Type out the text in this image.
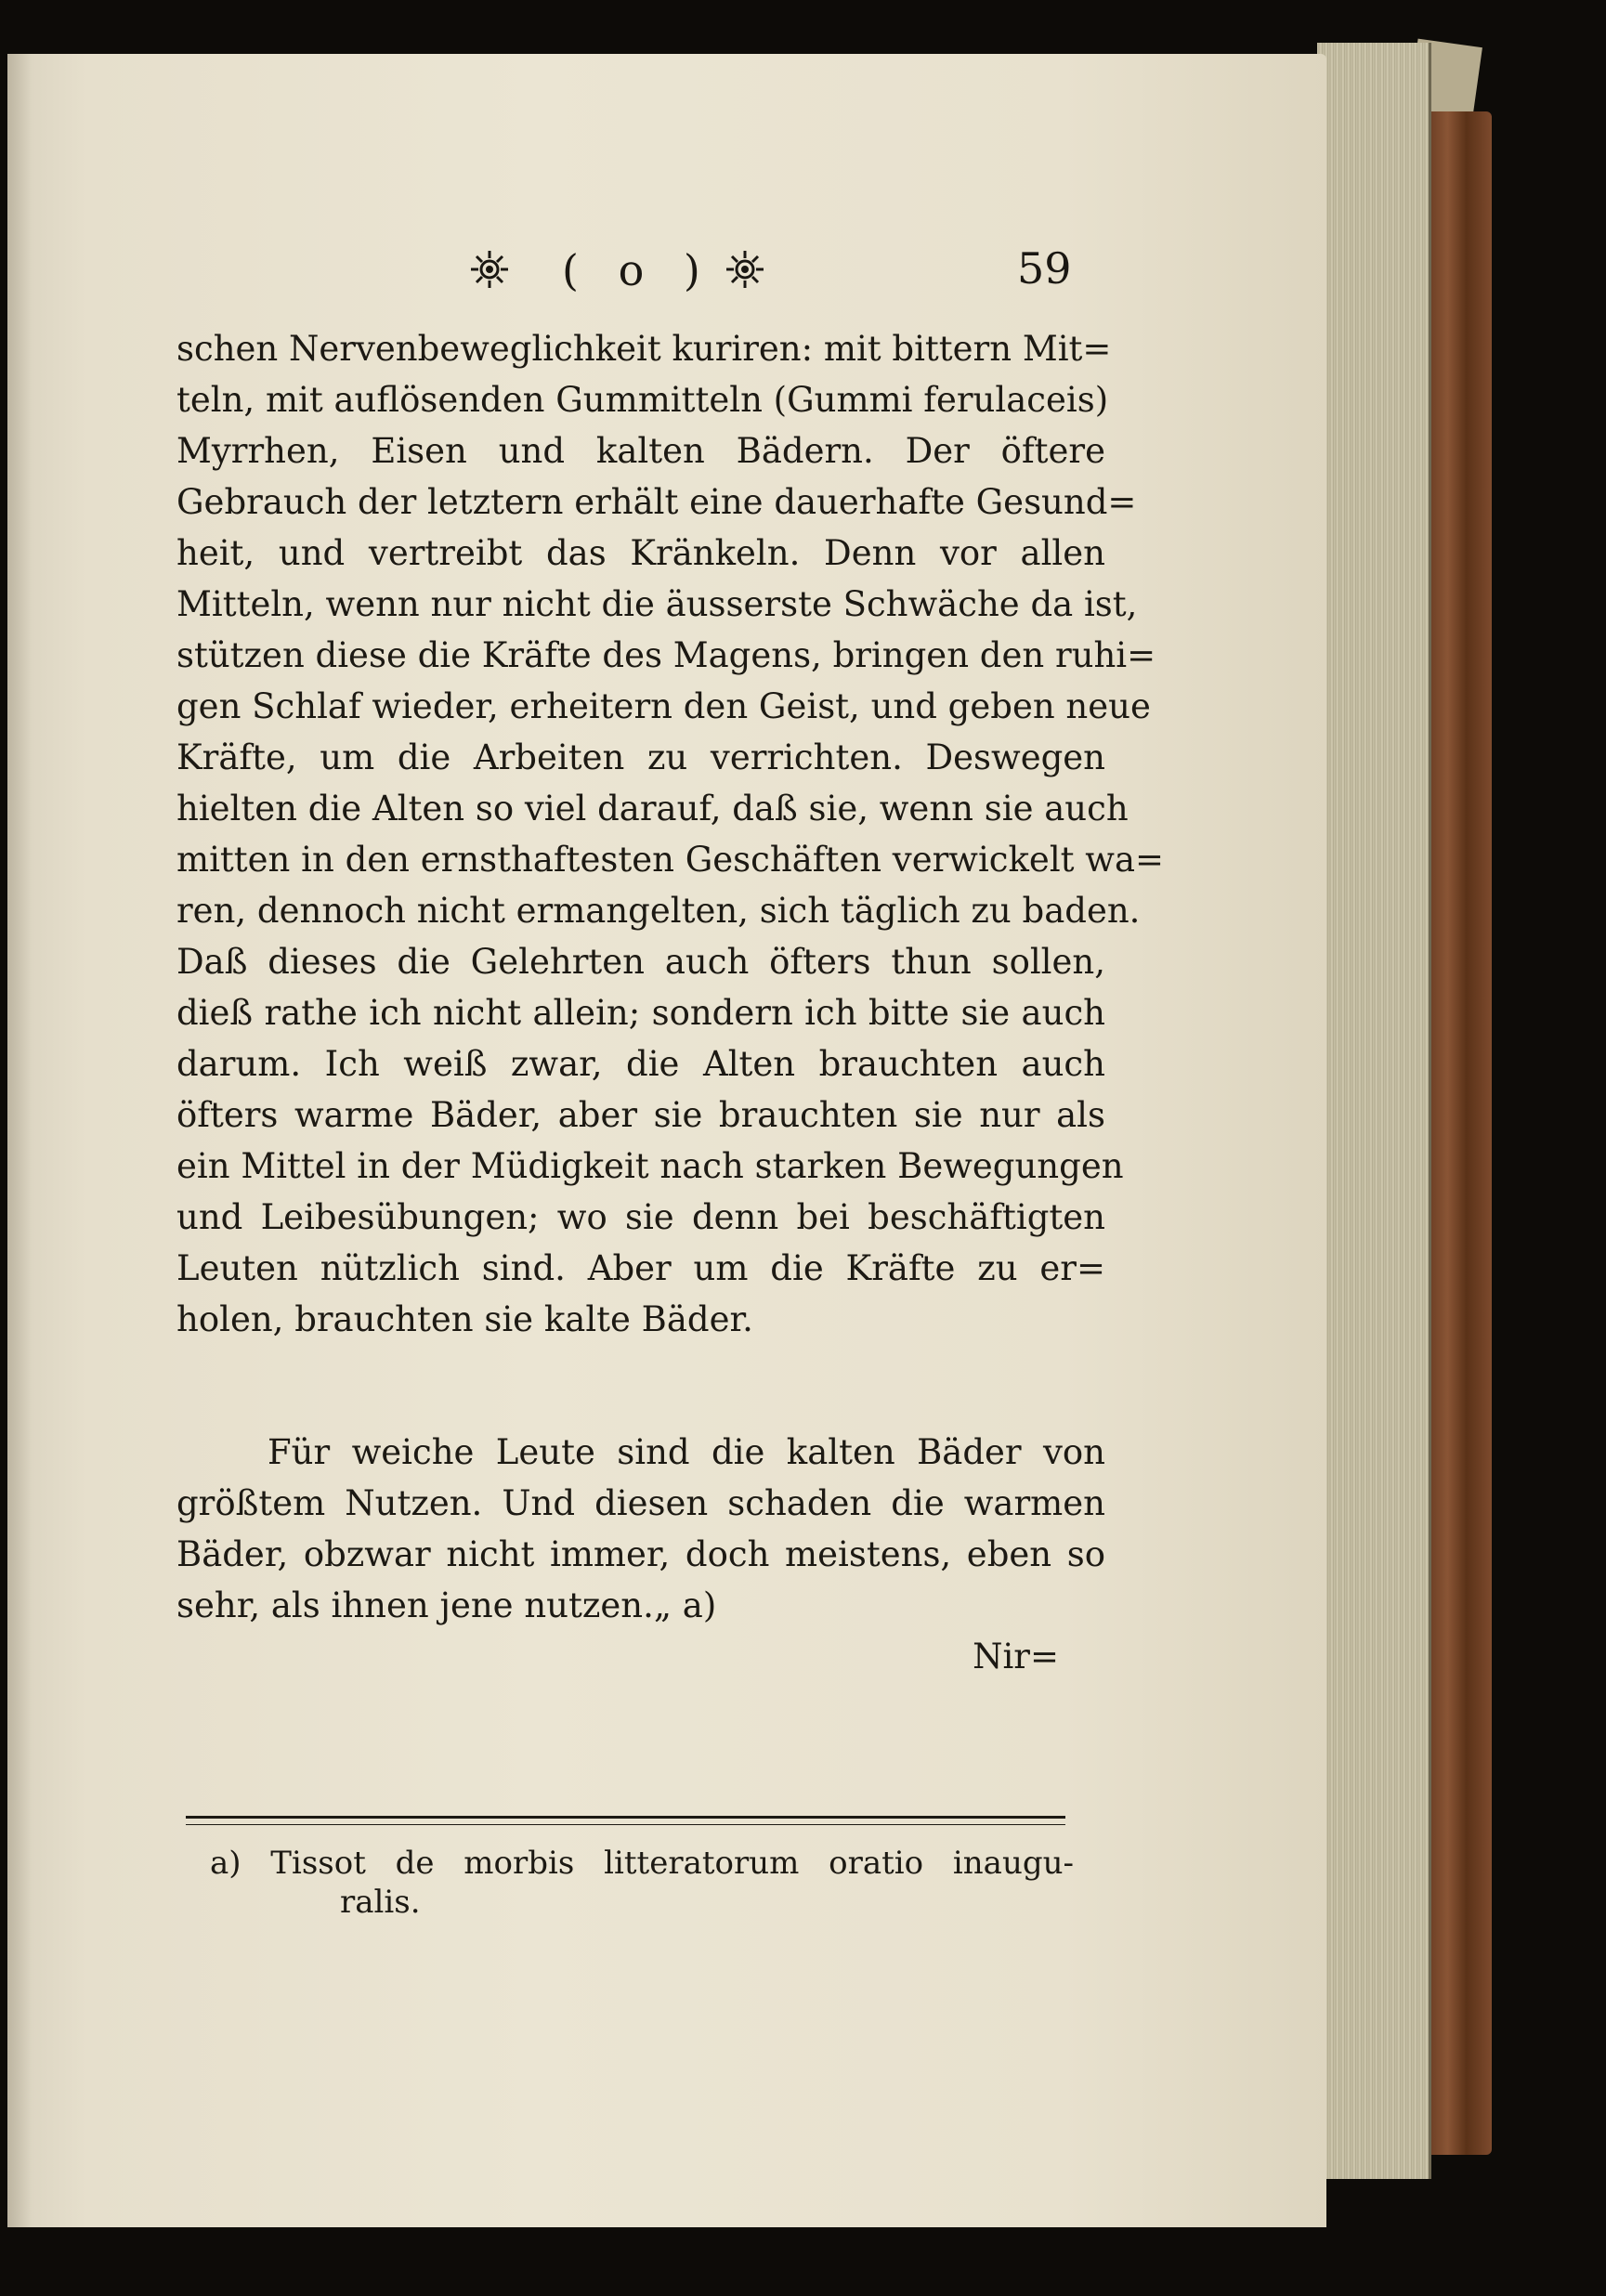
( o )	59
schen Nervenbeweglichkeit kuriren: mit bittern Mit=
teln, mit auflösenden Gummitteln (Gummi ferulaceis)
Myrrhen, Eisen und kalten Bädern. Der öftere
Gebrauch der letztern erhält eine dauerhafte Gesund=
heit, und vertreibt das Kränkeln. Denn vor allen
Mitteln, wenn nur nicht die äusserste Schwäche da ist,
stützen diese die Kräfte des Magens, bringen den ruhi=
gen Schlaf wieder, erheitern den Geist, und geben neue
Kräfte, um die Arbeiten zu verrichten. Deswegen
hielten die Alten so viel darauf, daß sie, wenn sie auch
mitten in den ernsthaftesten Geschäften verwickelt wa=
ren, dennoch nicht ermangelten, sich täglich zu baden.
Daß dieses die Gelehrten auch öfters thun sollen,
dieß rathe ich nicht allein; sondern ich bitte sie auch
darum. Ich weiß zwar, die Alten brauchten auch
öfters warme Bäder, aber sie brauchten sie nur als
ein Mittel in der Müdigkeit nach starken Bewegungen
und Leibesübungen; wo sie denn bei beschäftigten
Leuten nützlich sind. Aber um die Kräfte zu er=
holen, brauchten sie kalte Bäder.
Für weiche Leute sind die kalten Bäder von
größtem Nutzen. Und diesen schaden die warmen
Bäder, obzwar nicht immer, doch meistens, eben so
sehr, als ihnen jene nutzen.„ a)
Nir=
a) Tissot de morbis litteratorum oratio inaugu-
ralis.
